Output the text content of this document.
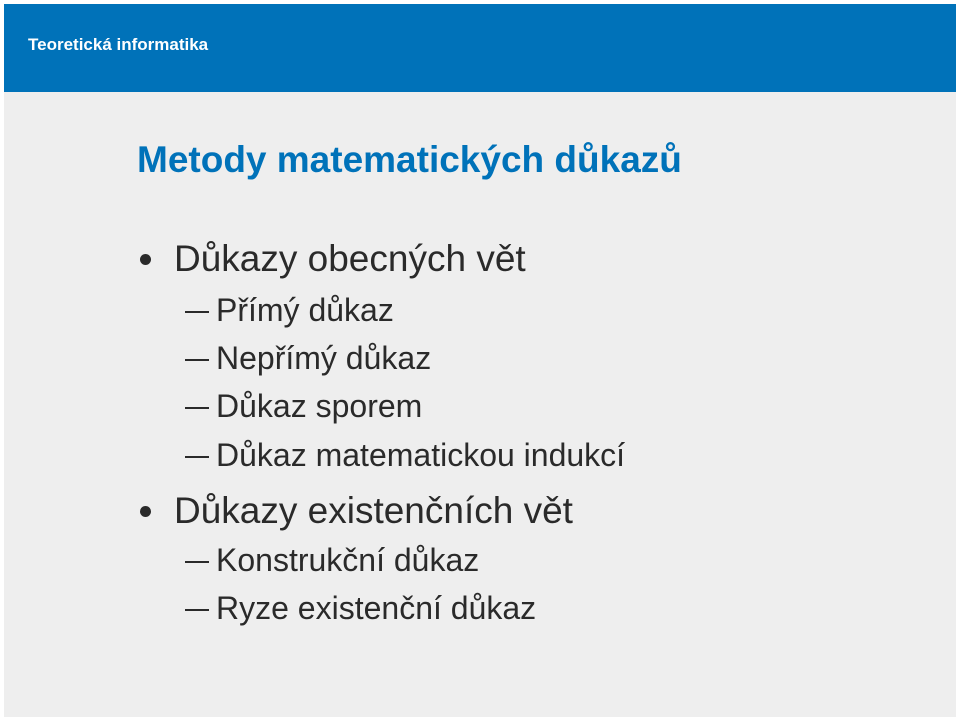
Teoretická informatika
Metody matematických důkazů
Důkazy obecných vět
Přímý důkaz
Nepřímý důkaz
Důkaz sporem
Důkaz matematickou indukcí
Důkazy existenčních vět
Konstrukční důkaz
Ryze existenční důkaz
